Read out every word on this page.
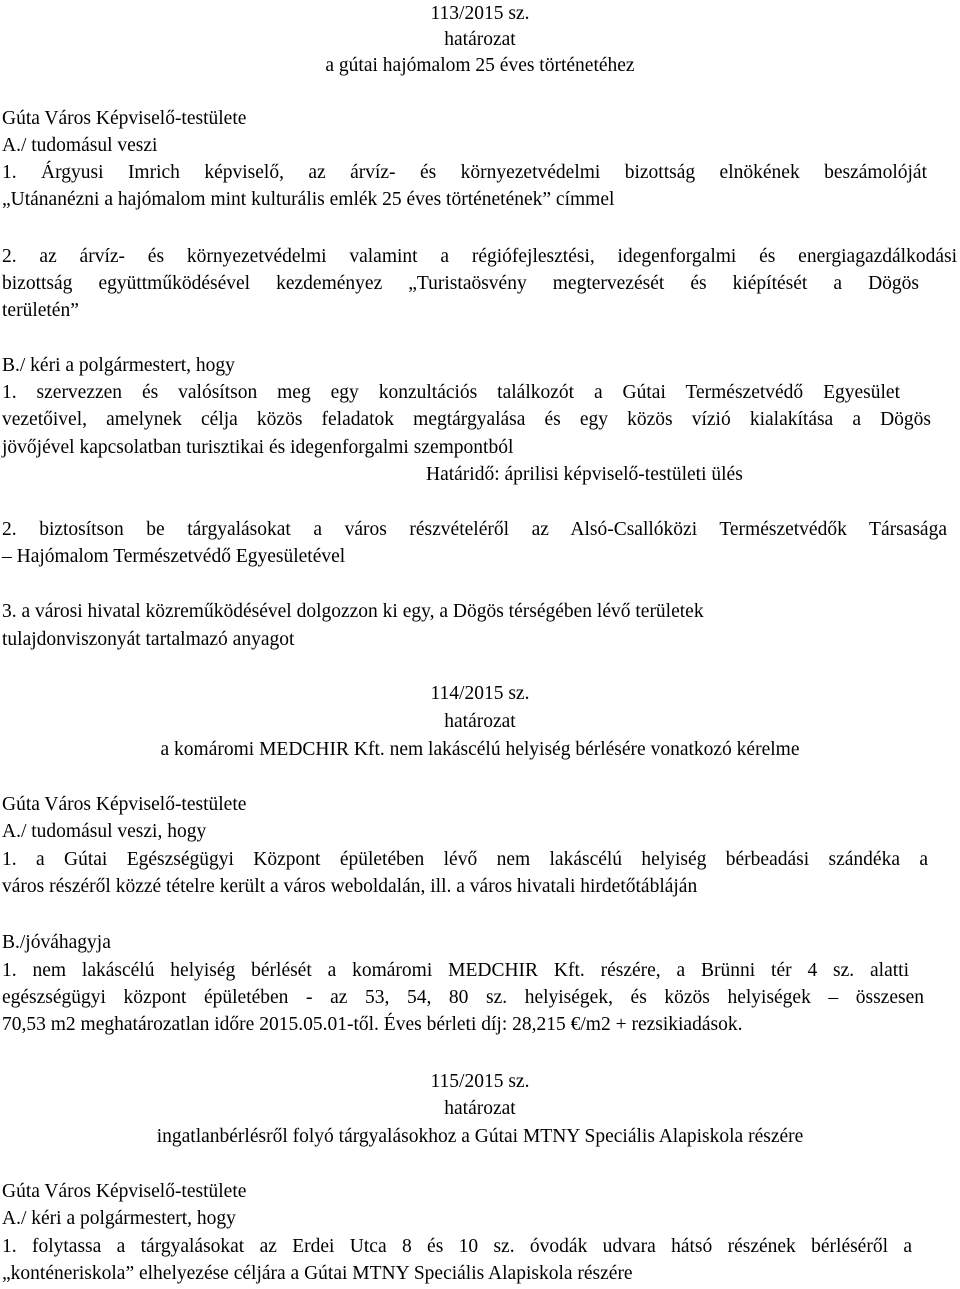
113/2015 sz.
határozat
a gútai hajómalom 25 éves történetéhez
Gúta Város Képviselő-testülete
A./ tudomásul veszi
1. Árgyusi Imrich képviselő, az árvíz- és környezetvédelmi bizottság elnökének beszámolóját
„Utánanézni a hajómalom mint kulturális emlék 25 éves történetének” címmel
2. az árvíz- és környezetvédelmi valamint a régiófejlesztési, idegenforgalmi és energiagazdálkodási
bizottság együttműködésével kezdeményez „Turistaösvény megtervezését és kiépítését a Dögös
területén”
B./ kéri a polgármestert, hogy
1. szervezzen és valósítson meg egy konzultációs találkozót a Gútai Természetvédő Egyesület
vezetőivel, amelynek célja közös feladatok megtárgyalása és egy közös vízió kialakítása a Dögös
jövőjével kapcsolatban turisztikai és idegenforgalmi szempontból
Határidő: áprilisi képviselő-testületi ülés
2. biztosítson be tárgyalásokat a város részvételéről az Alsó-Csallóközi Természetvédők Társasága
– Hajómalom Természetvédő Egyesületével
3. a városi hivatal közreműködésével dolgozzon ki egy, a Dögös térségében lévő területek
tulajdonviszonyát tartalmazó anyagot
114/2015 sz.
határozat
a komáromi MEDCHIR Kft. nem lakáscélú helyiség bérlésére vonatkozó kérelme
Gúta Város Képviselő-testülete
A./ tudomásul veszi, hogy
1. a Gútai Egészségügyi Központ épületében lévő nem lakáscélú helyiség bérbeadási szándéka a
város részéről közzé tételre került a város weboldalán, ill. a város hivatali hirdetőtábláján
B./jóváhagyja
1. nem lakáscélú helyiség bérlését a komáromi MEDCHIR Kft. részére, a Brünni tér 4 sz. alatti
egészségügyi központ épületében - az 53, 54, 80 sz. helyiségek, és közös helyiségek – összesen
70,53 m2 meghatározatlan időre 2015.05.01-től. Éves bérleti díj: 28,215 €/m2 + rezsikiadások.
115/2015 sz.
határozat
ingatlanbérlésről folyó tárgyalásokhoz a Gútai MTNY Speciális Alapiskola részére
Gúta Város Képviselő-testülete
A./ kéri a polgármestert, hogy
1. folytassa a tárgyalásokat az Erdei Utca 8 és 10 sz. óvodák udvara hátsó részének bérléséről a
„konténeriskola” elhelyezése céljára a Gútai MTNY Speciális Alapiskola részére
